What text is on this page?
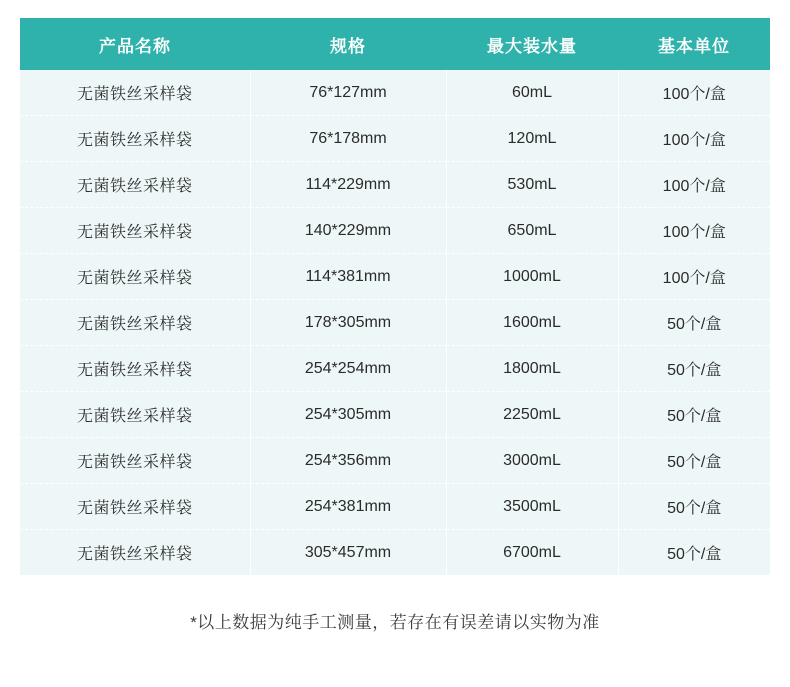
产品名称	规格	最大装水量	基本单位
无菌铁丝采样袋	76*127mm	60mL	100个/盒
无菌铁丝采样袋	76*178mm	120mL	100个/盒
无菌铁丝采样袋	114*229mm	530mL	100个/盒
无菌铁丝采样袋	140*229mm	650mL	100个/盒
无菌铁丝采样袋	114*381mm	1000mL	100个/盒
无菌铁丝采样袋	178*305mm	1600mL	50个/盒
无菌铁丝采样袋	254*254mm	1800mL	50个/盒
无菌铁丝采样袋	254*305mm	2250mL	50个/盒
无菌铁丝采样袋	254*356mm	3000mL	50个/盒
无菌铁丝采样袋	254*381mm	3500mL	50个/盒
无菌铁丝采样袋	305*457mm	6700mL	50个/盒
*以上数据为纯手工测量，若存在有误差请以实物为准
